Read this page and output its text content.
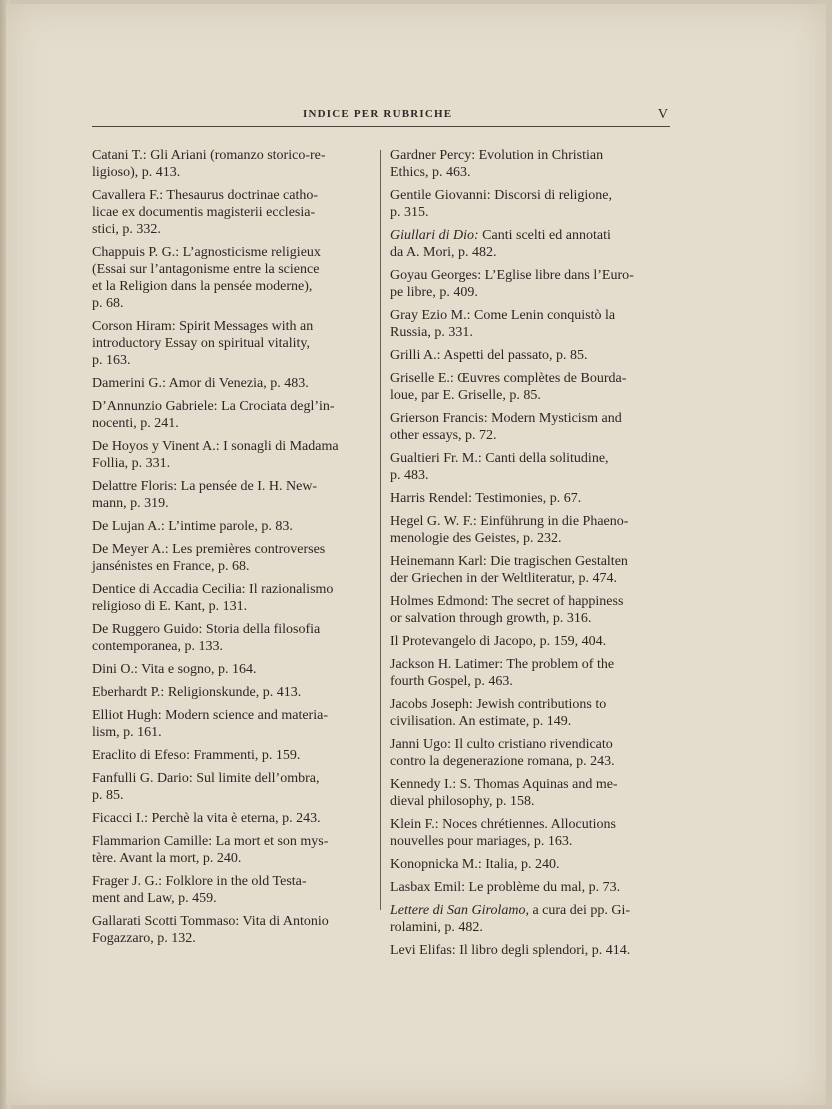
INDICE PER RUBRICHE	V
Catani T.: Gli Ariani (romanzo storico-re-
ligioso), p. 413.
Cavallera F.: Thesaurus doctrinae catho-
licae ex documentis magisterii ecclesia-
stici, p. 332.
Chappuis P. G.: L’agnosticisme religieux
(Essai sur l’antagonisme entre la science
et la Religion dans la pensée moderne),
p. 68.
Corson Hiram: Spirit Messages with an
introductory Essay on spiritual vitality,
p. 163.
Damerini G.: Amor di Venezia, p. 483.
D’Annunzio Gabriele: La Crociata degl’in-
nocenti, p. 241.
De Hoyos y Vinent A.: I sonagli di Madama
Follia, p. 331.
Delattre Floris: La pensée de I. H. New-
mann, p. 319.
De Lujan A.: L’intime parole, p. 83.
De Meyer A.: Les premières controverses
jansénistes en France, p. 68.
Dentice di Accadia Cecilia: Il razionalismo
religioso di E. Kant, p. 131.
De Ruggero Guido: Storia della filosofia
contemporanea, p. 133.
Dini O.: Vita e sogno, p. 164.
Eberhardt P.: Religionskunde, p. 413.
Elliot Hugh: Modern science and materia-
lism, p. 161.
Eraclito di Efeso: Frammenti, p. 159.
Fanfulli G. Dario: Sul limite dell’ombra,
p. 85.
Ficacci I.: Perchè la vita è eterna, p. 243.
Flammarion Camille: La mort et son mys-
tère. Avant la mort, p. 240.
Frager J. G.: Folklore in the old Testa-
ment and Law, p. 459.
Gallarati Scotti Tommaso: Vita di Antonio
Fogazzaro, p. 132.
Gardner Percy: Evolution in Christian
Ethics, p. 463.
Gentile Giovanni: Discorsi di religione,
p. 315.
Giullari di Dio: Canti scelti ed annotati
da A. Mori, p. 482.
Goyau Georges: L’Eglise libre dans l’Euro-
pe libre, p. 409.
Gray Ezio M.: Come Lenin conquistò la
Russia, p. 331.
Grilli A.: Aspetti del passato, p. 85.
Griselle E.: Œuvres complètes de Bourda-
loue, par E. Griselle, p. 85.
Grierson Francis: Modern Mysticism and
other essays, p. 72.
Gualtieri Fr. M.: Canti della solitudine,
p. 483.
Harris Rendel: Testimonies, p. 67.
Hegel G. W. F.: Einführung in die Phaeno-
menologie des Geistes, p. 232.
Heinemann Karl: Die tragischen Gestalten
der Griechen in der Weltliteratur, p. 474.
Holmes Edmond: The secret of happiness
or salvation through growth, p. 316.
Il Protevangelo di Jacopo, p. 159, 404.
Jackson H. Latimer: The problem of the
fourth Gospel, p. 463.
Jacobs Joseph: Jewish contributions to
civilisation. An estimate, p. 149.
Janni Ugo: Il culto cristiano rivendicato
contro la degenerazione romana, p. 243.
Kennedy I.: S. Thomas Aquinas and me-
dieval philosophy, p. 158.
Klein F.: Noces chrétiennes. Allocutions
nouvelles pour mariages, p. 163.
Konopnicka M.: Italia, p. 240.
Lasbax Emil: Le problème du mal, p. 73.
Lettere di San Girolamo, a cura dei pp. Gi-
rolamini, p. 482.
Levi Elifas: Il libro degli splendori, p. 414.
